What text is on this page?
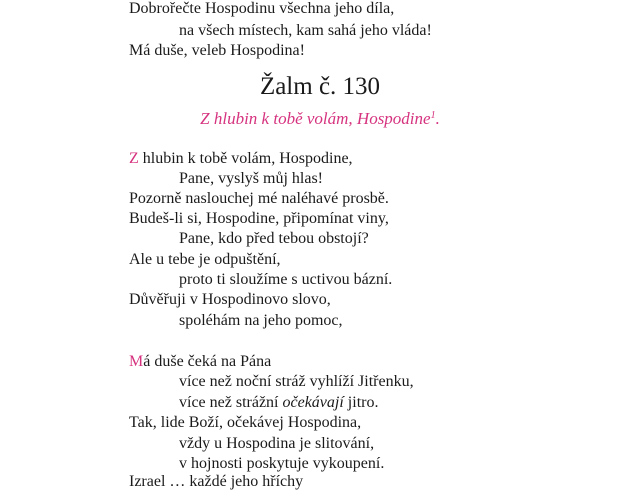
Dobrořečte Hospodinu všechna jeho díla,
na všech místech, kam sahá jeho vláda!
Má duše, veleb Hospodina!
Žalm č. 130
Z hlubin k tobě volám, Hospodine$^1$.
Z hlubin k tobě volám, Hospodine,
Pane, vyslyš můj hlas!
Pozorně naslouchej mé naléhavé prosbě.
Budeš-li si, Hospodine, připomínat viny,
Pane, kdo před tebou obstojí?
Ale u tebe je odpuštění,
proto ti sloužíme s uctivou bázní.
Důvěřuji v Hospodinovo slovo,
spoléhám na jeho pomoc,
Má duše čeká na Pána
více než noční stráž vyhlíží Jitřenku,
více než strážní očekávají jitro.
Tak, lide Boží, očekávej Hospodina,
vždy u Hospodina je slitování,
v hojnosti poskytuje vykoupení.
Izrael … každé jeho hříchy
